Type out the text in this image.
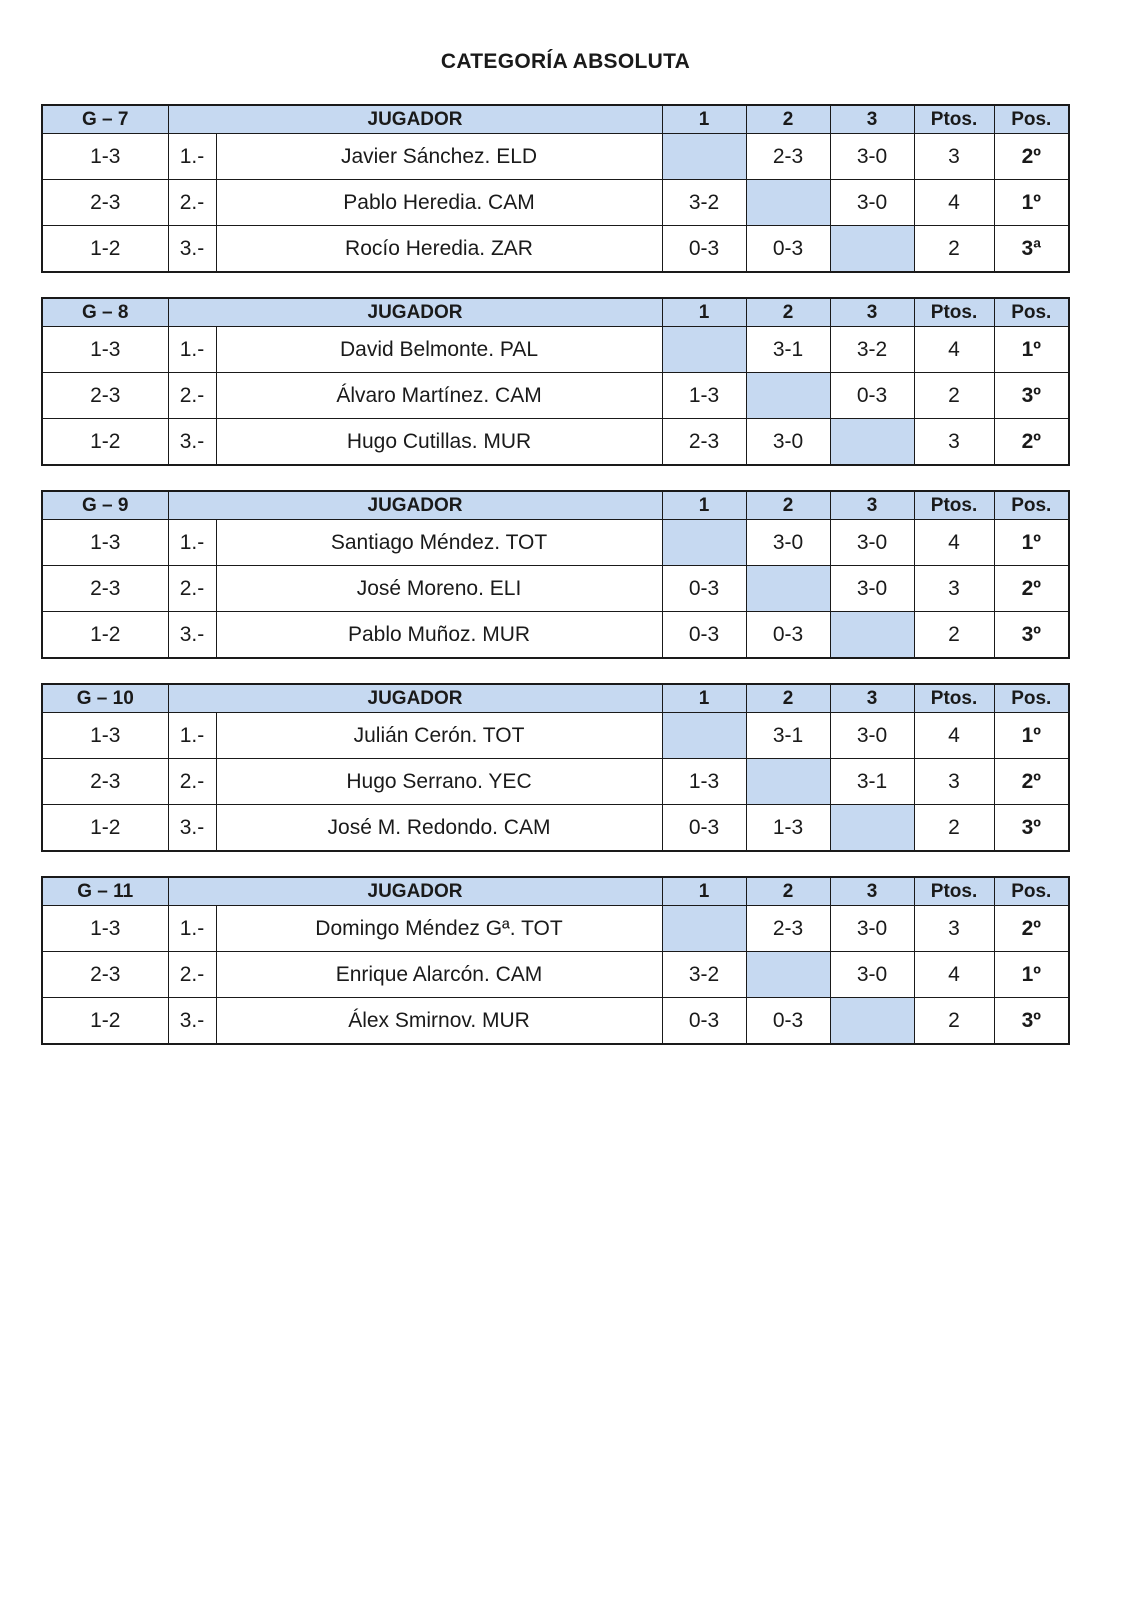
CATEGORÍA ABSOLUTA
G – 7	JUGADOR		1	2	3	Ptos.	Pos.
1-3	1.-	Javier Sánchez. ELD		2-3	3-0	3	2º
2-3	2.-	Pablo Heredia. CAM	3-2		3-0	4	1º
1-2	3.-	Rocío Heredia. ZAR	0-3	0-3		2	3ª
G – 8	JUGADOR		1	2	3	Ptos.	Pos.
1-3	1.-	David Belmonte. PAL		3-1	3-2	4	1º
2-3	2.-	Álvaro Martínez. CAM	1-3		0-3	2	3º
1-2	3.-	Hugo Cutillas. MUR	2-3	3-0		3	2º
G – 9	JUGADOR		1	2	3	Ptos.	Pos.
1-3	1.-	Santiago Méndez. TOT		3-0	3-0	4	1º
2-3	2.-	José Moreno. ELI	0-3		3-0	3	2º
1-2	3.-	Pablo Muñoz. MUR	0-3	0-3		2	3º
G – 10	JUGADOR		1	2	3	Ptos.	Pos.
1-3	1.-	Julián Cerón. TOT		3-1	3-0	4	1º
2-3	2.-	Hugo Serrano. YEC	1-3		3-1	3	2º
1-2	3.-	José M. Redondo. CAM	0-3	1-3		2	3º
G – 11	JUGADOR		1	2	3	Ptos.	Pos.
1-3	1.-	Domingo Méndez Gª. TOT		2-3	3-0	3	2º
2-3	2.-	Enrique Alarcón. CAM	3-2		3-0	4	1º
1-2	3.-	Álex Smirnov. MUR	0-3	0-3		2	3º
